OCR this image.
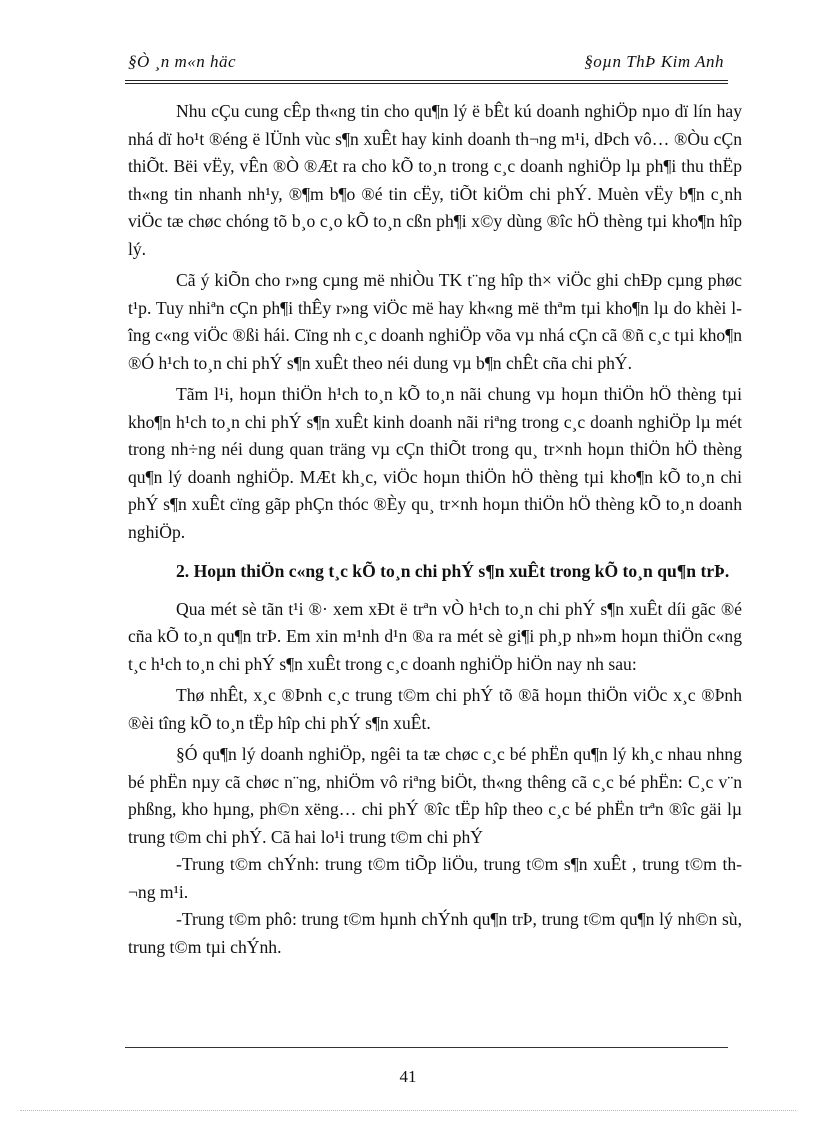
§Ò ¸n m«n häc	§oµn ThÞ Kim Anh

Nhu cÇu cung cÊp th«ng tin cho qu¶n lý ë bÊt kú doanh nghiÖp nµo dï lín hay nhá dï ho¹t ®éng ë lÜnh vùc s¶n xuÊt hay kinh doanh th¬ng m¹i, dÞch vô… ®Òu cÇn thiÕt. Bëi vËy, vÊn ®Ò ®Æt ra cho kÕ to¸n trong c¸c doanh nghiÖp lµ ph¶i thu thËp th«ng tin nhanh nh¹y, ®¶m b¶o ®é tin cËy, tiÕt kiÖm chi phÝ. Muèn vËy b¶n c¸nh viÖc tæ chøc chóng tõ b¸o c¸o kÕ to¸n cßn ph¶i x©y dùng ®îc hÖ thèng tµi kho¶n hîp lý.

Cã ý kiÕn cho r»ng cµng më nhiÒu TK t¨ng hîp th× viÖc ghi chÐp cµng phøc t¹p. Tuy nhiªn cÇn ph¶i thÊy r»ng viÖc më hay kh«ng më thªm tµi kho¶n lµ do khèi lîng c«ng viÖc ®ßi hái. Cïng nh c¸c doanh nghiÖp võa vµ nhá cÇn cã ®ñ c¸c tµi kho¶n ®Ó h¹ch to¸n chi phÝ s¶n xuÊt theo néi dung vµ b¶n chÊt cña chi phÝ.

Tãm l¹i, hoµn thiÖn h¹ch to¸n kÕ to¸n nãi chung vµ hoµn thiÖn hÖ thèng tµi kho¶n h¹ch to¸n chi phÝ s¶n xuÊt kinh doanh nãi riªng trong c¸c doanh nghiÖp lµ mét trong nh÷ng néi dung quan träng vµ cÇn thiÕt trong qu¸ tr×nh hoµn thiÖn hÖ thèng qu¶n lý doanh nghiÖp. MÆt kh¸c, viÖc hoµn thiÖn hÖ thèng tµi kho¶n kÕ to¸n chi phÝ s¶n xuÊt cïng gãp phÇn thóc ®Èy qu¸ tr×nh hoµn thiÖn hÖ thèng kÕ to¸n doanh nghiÖp.

2. Hoµn thiÖn c«ng t¸c kÕ to¸n chi phÝ s¶n xuÊt trong kÕ to¸n qu¶n trÞ.

Qua mét sè tãn t¹i ®· xem xÐt ë trªn vÒ h¹ch to¸n chi phÝ s¶n xuÊt díi gãc ®é cña kÕ to¸n qu¶n trÞ. Em xin m¹nh d¹n ®a ra mét sè gi¶i ph¸p nh»m hoµn thiÖn c«ng t¸c h¹ch to¸n chi phÝ s¶n xuÊt trong c¸c doanh nghiÖp hiÖn nay nh sau:

Thø nhÊt, x¸c ®Þnh c¸c trung t©m chi phÝ tõ ®ã hoµn thiÖn viÖc x¸c ®Þnh ®èi tîng kÕ to¸n tËp hîp chi phÝ s¶n xuÊt.

§Ó qu¶n lý doanh nghiÖp, ngêi ta tæ chøc c¸c bé phËn qu¶n lý kh¸c nhau nhng bé phËn nµy cã chøc n¨ng, nhiÖm vô riªng biÖt, th«ng thêng cã c¸c bé phËn: C¸c v¨n phßng, kho hµng, ph©n xëng… chi phÝ ®îc tËp hîp theo c¸c bé phËn trªn ®îc gäi lµ trung t©m chi phÝ. Cã hai lo¹i trung t©m chi phÝ

-Trung t©m chÝnh: trung t©m tiÕp liÖu, trung t©m s¶n xuÊt , trung t©m th¬ng m¹i.

-Trung t©m phô: trung t©m hµnh chÝnh qu¶n trÞ, trung t©m qu¶n lý nh©n sù, trung t©m tµi chÝnh.

41
